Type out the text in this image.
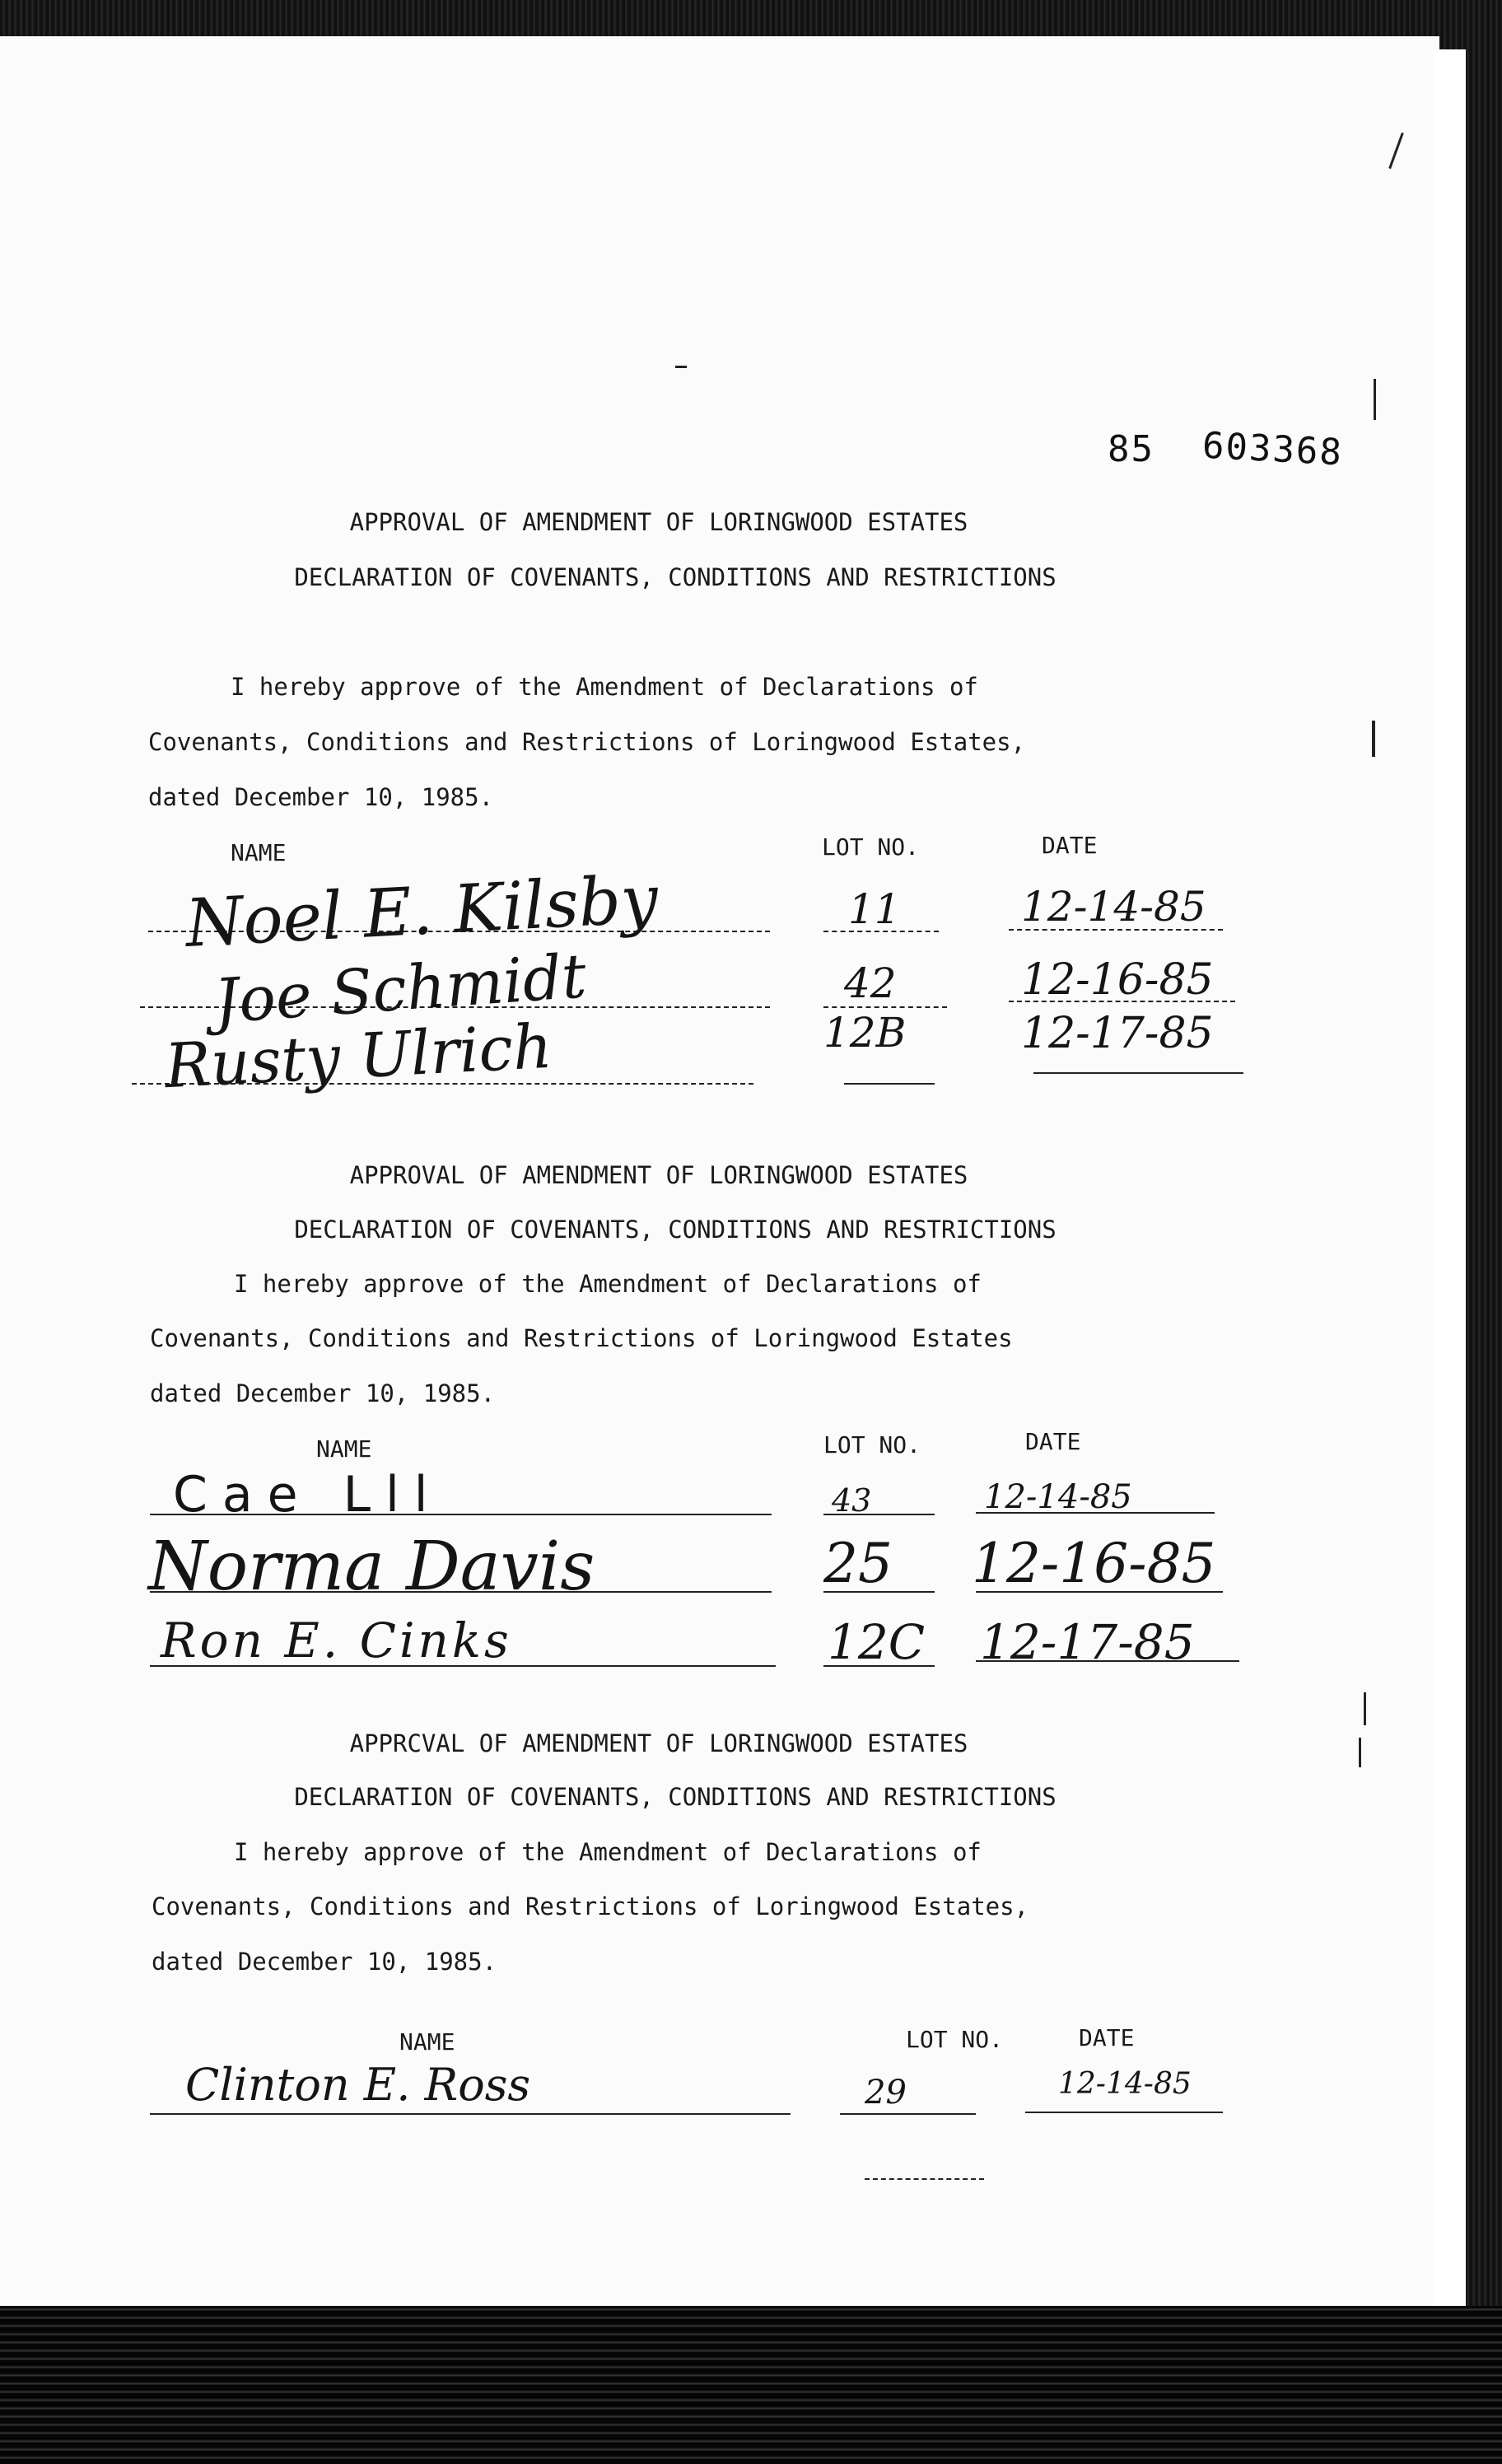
85 603368
APPROVAL OF AMENDMENT OF LORINGWOOD ESTATES
DECLARATION OF COVENANTS, CONDITIONS AND RESTRICTIONS
I hereby approve of the Amendment of Declarations of
Covenants, Conditions and Restrictions of Loringwood Estates,
dated December 10, 1985.
NAME	LOT NO.	DATE
Noel E. Kilsby	11	12-14-85
Joe Schmidt	42	12-16-85
Rusty Ulrich	12B	12-17-85
APPROVAL OF AMENDMENT OF LORINGWOOD ESTATES
DECLARATION OF COVENANTS, CONDITIONS AND RESTRICTIONS
I hereby approve of the Amendment of Declarations of
Covenants, Conditions and Restrictions of Loringwood Estates
dated December 10, 1985.
NAME	LOT NO.	DATE
Cae Lll	43	12-14-85
Norma Davis	25 12-16-85
Ron E. Cinks	12C 12-17-85
APPRCVAL OF AMENDMENT OF LORINGWOOD ESTATES
DECLARATION OF COVENANTS, CONDITIONS AND RESTRICTIONS
I hereby approve of the Amendment of Declarations of
Covenants, Conditions and Restrictions of Loringwood Estates,
dated December 10, 1985.
NAME	LOT NO.	DATE
Clinton E. Ross	29	12-14-85
